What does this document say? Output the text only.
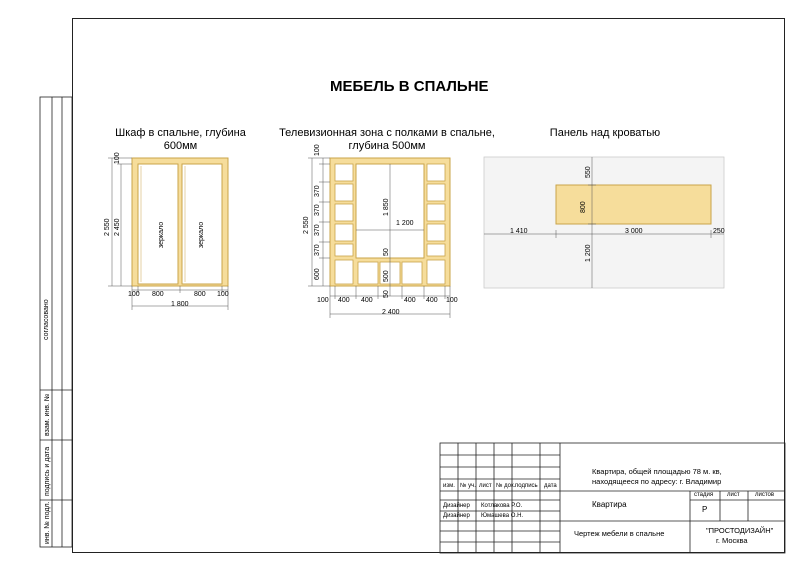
МЕБЕЛЬ В СПАЛЬНЕ
Шкаф в спальне, глубина
600мм
зеркало	зеркало
2 550 2 450
100
100 800	800 100
1 800
Телевизионная зона с полками в спальне,
глубина 500мм
2 550
100
370
370
370
370
600
1 850
1 200
50
500
50
100 400 400	400 400 100
2 400
Панель над кроватью
550
800
1 200
1 410	3 000	250
согласовано
взам. инв. №
подпись и дата
инв. № подл.
Квартира, общей площадью 78 м. кв,
находящееся по адресу: г. Владимир
изм. № уч. лист № док. подпись дата
Дизайнер Котлакова Р.О.
Дизайнер Юмашева О.Н.
Квартира
стадия лист	листов
Р
Чертеж мебели в спальне	"ПРОСТОДИЗАЙН"
г. Москва
